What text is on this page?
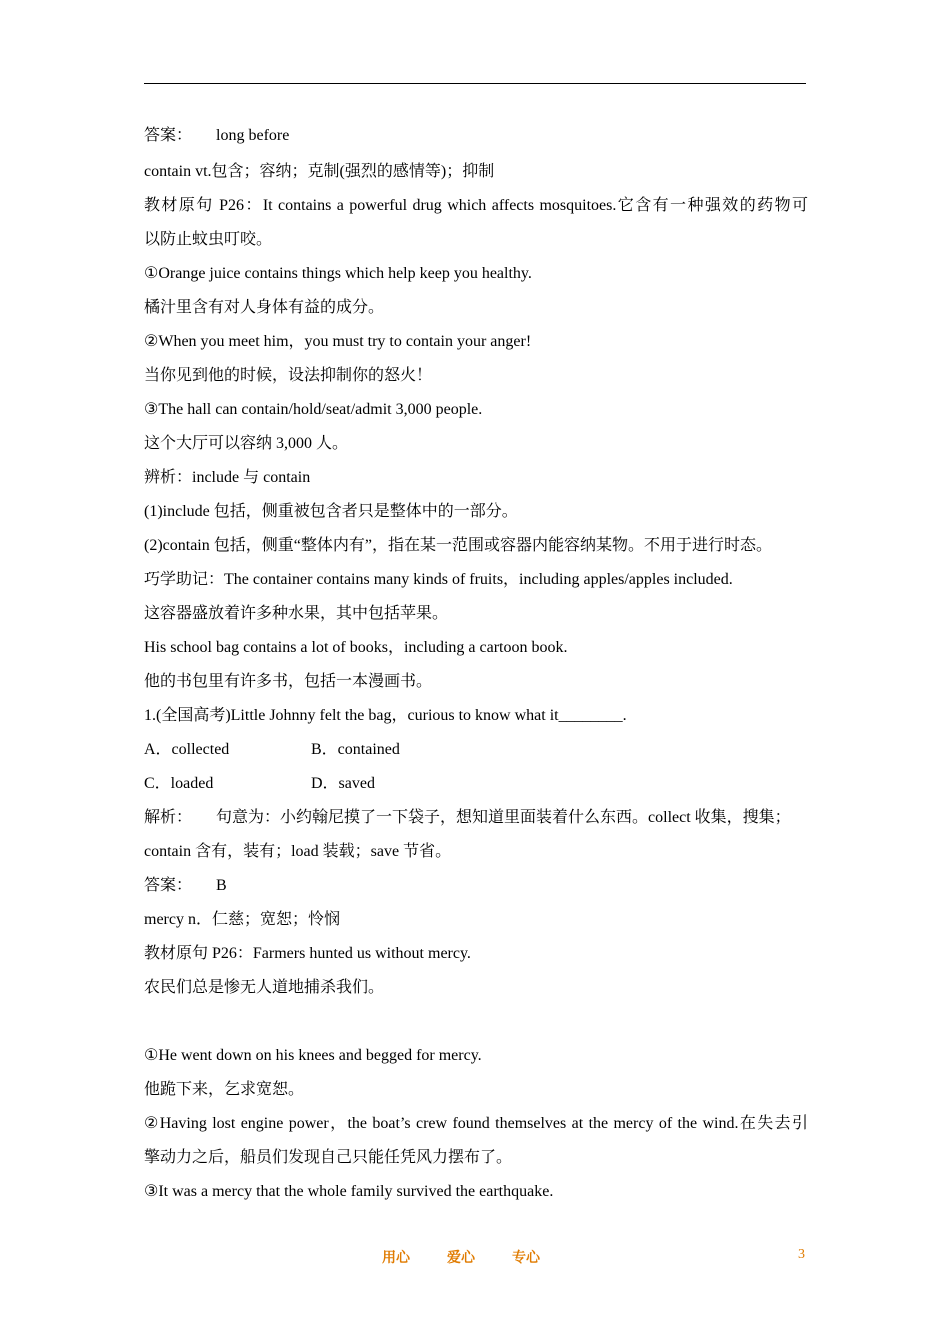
答案： long before
contain vt.包含；容纳；克制(强烈的感情等)；抑制
教材原句 P26：It contains a powerful drug which affects mosquitoes.它含有一种强效的药物可
以防止蚊虫叮咬。
①Orange juice contains things which help keep you healthy.
橘汁里含有对人身体有益的成分。
②When you meet him，you must try to contain your anger!
当你见到他的时候，设法抑制你的怒火！
③The hall can contain/hold/seat/admit 3,000 people.
这个大厅可以容纳 3,000 人。
辨析：include 与 contain
(1)include 包括，侧重被包含者只是整体中的一部分。
(2)contain 包括，侧重“整体内有”，指在某一范围或容器内能容纳某物。不用于进行时态。
巧学助记：The container contains many kinds of fruits，including apples/apples included.
这容器盛放着许多种水果，其中包括苹果。
His school bag contains a lot of books，including a cartoon book.
他的书包里有许多书，包括一本漫画书。
1.(全国高考)Little Johnny felt the bag，curious to know what it________.
A．collected	B．contained
C．loaded	D．saved
解析： 句意为：小约翰尼摸了一下袋子，想知道里面装着什么东西。collect 收集，搜集；
contain 含有，装有；load 装载；save 节省。
答案： B
mercy n．仁慈；宽恕；怜悯
教材原句 P26：Farmers hunted us without mercy.
农民们总是惨无人道地捕杀我们。
①He went down on his knees and begged for mercy.
他跪下来，乞求宽恕。
②Having lost engine power，the boat’s crew found themselves at the mercy of the wind.在失去引
擎动力之后，船员们发现自己只能任凭风力摆布了。
③It was a mercy that the whole family survived the earthquake.
用心	爱心	专心	3
